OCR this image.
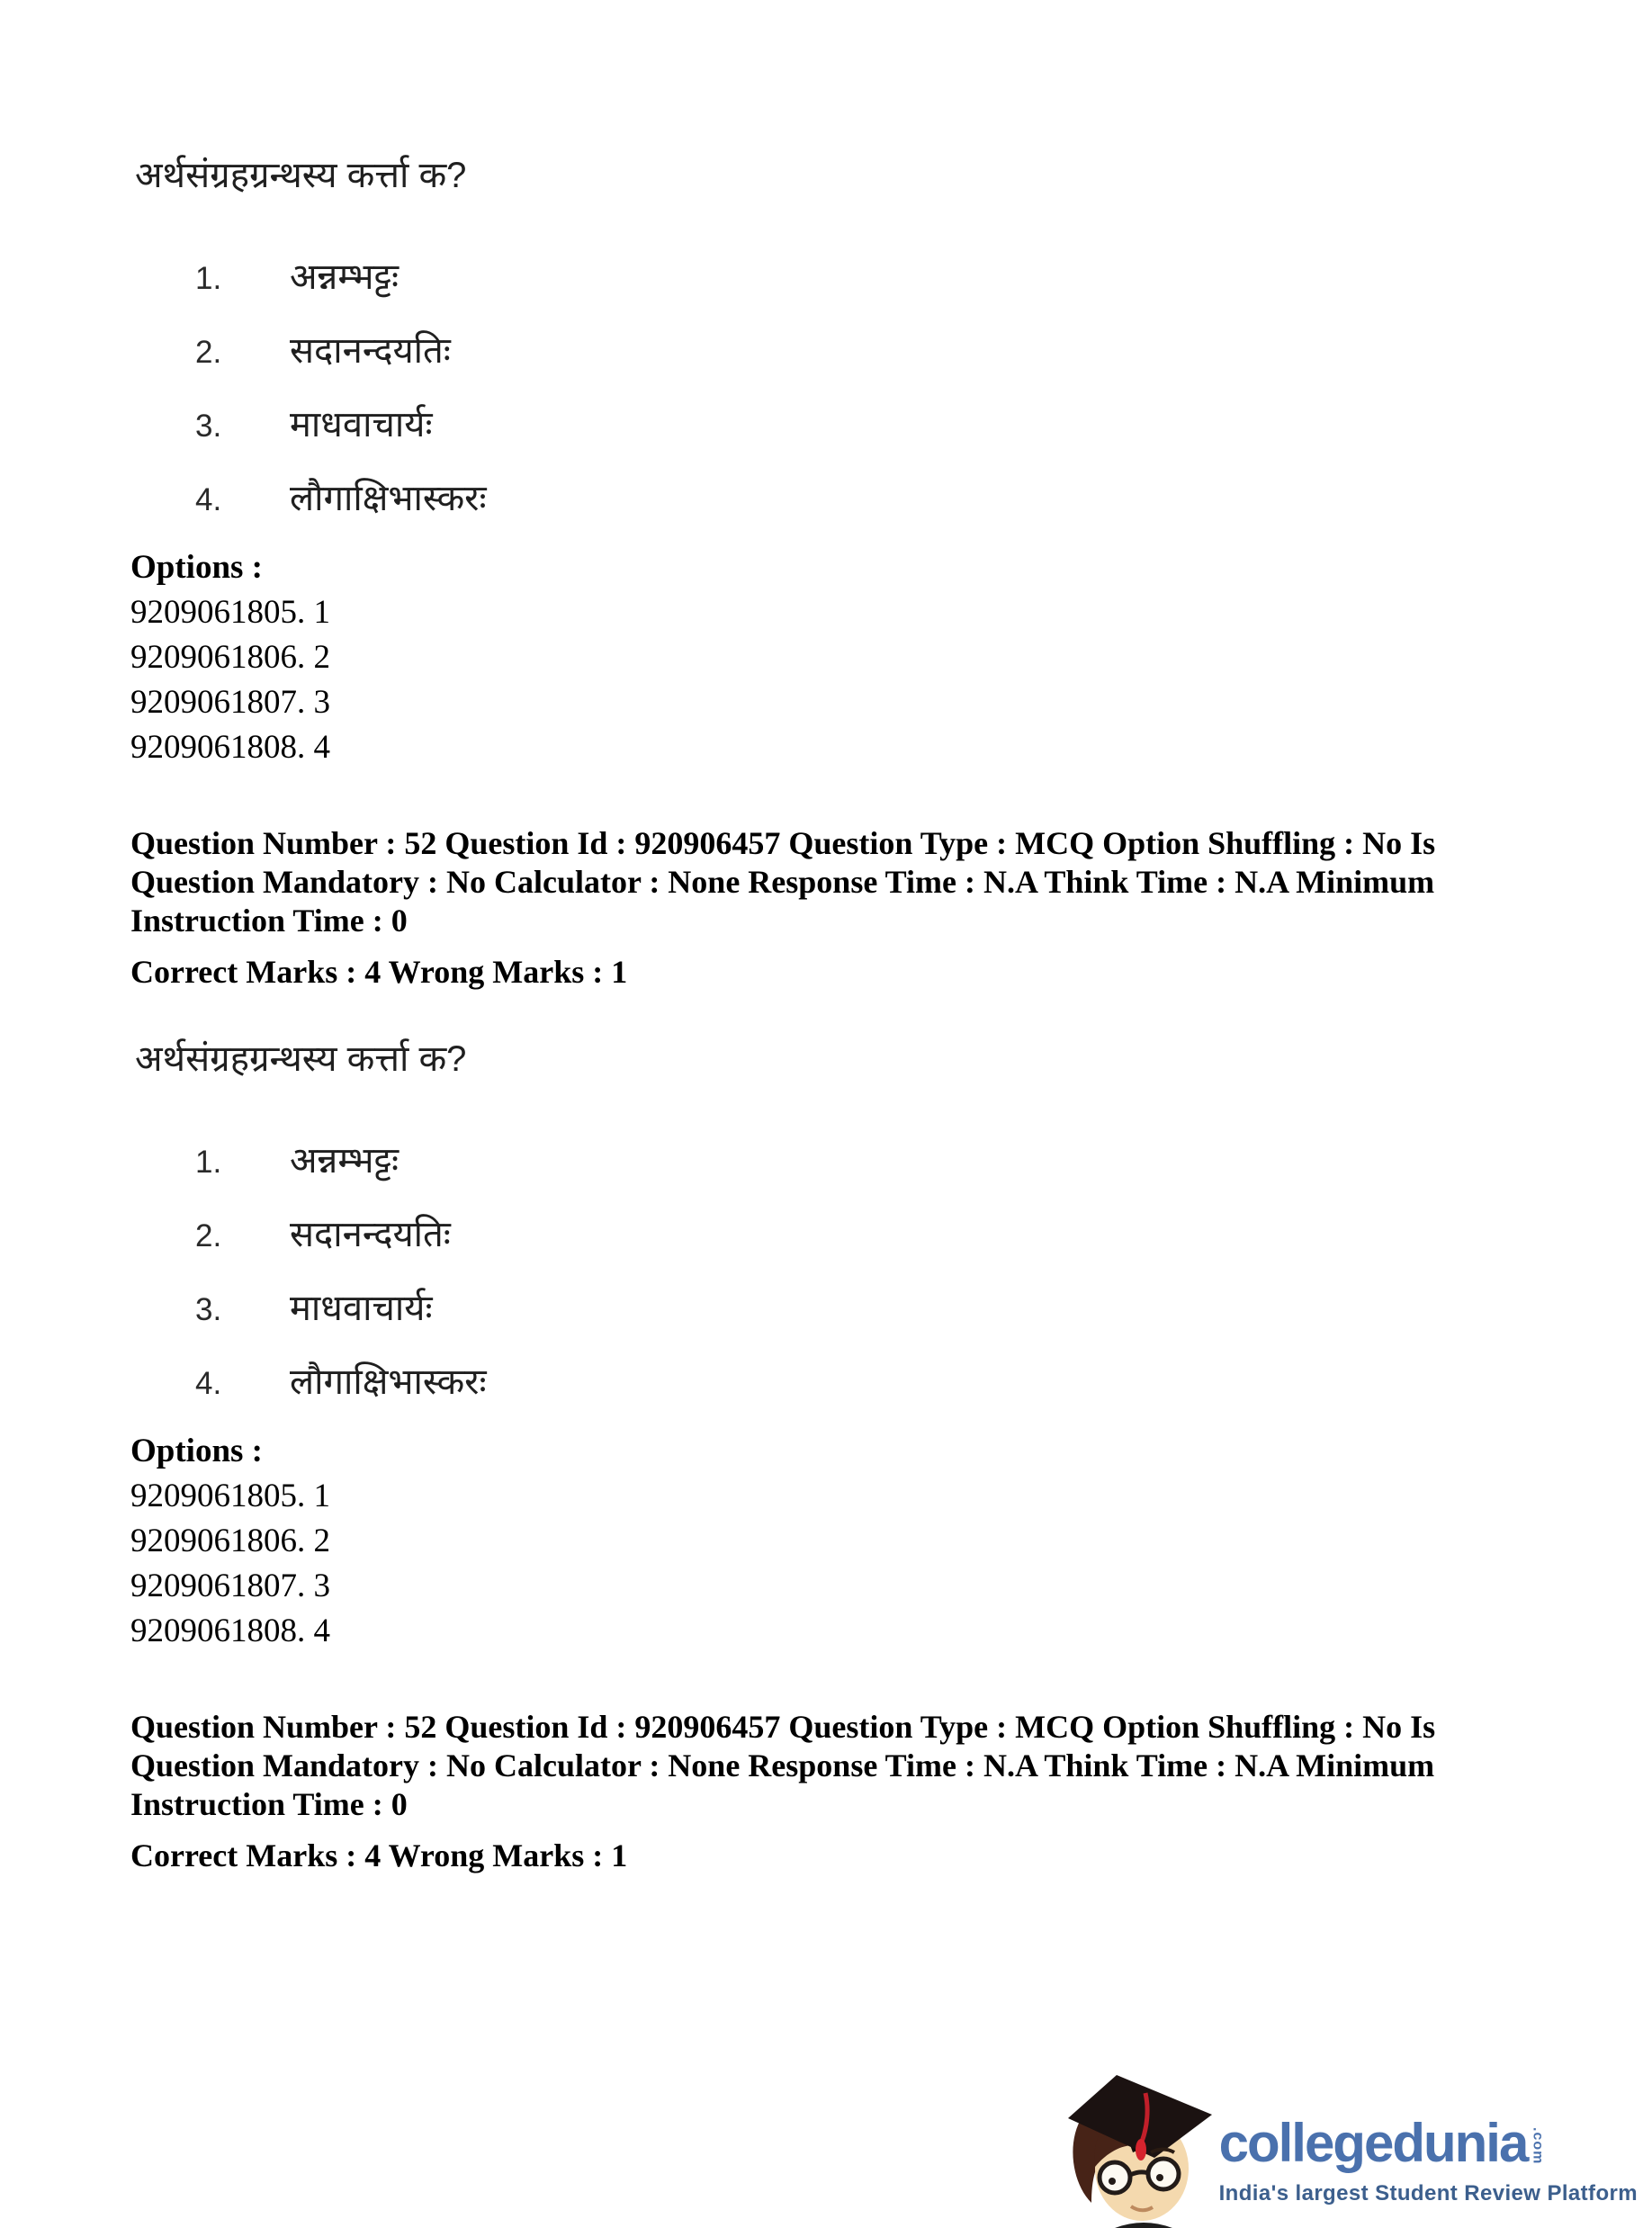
अर्थसंग्रहग्रन्थस्य कर्त्ता क?
1.	अन्नम्भट्टः
2.	सदानन्दयतिः
3.	माधवाचार्यः
4.	लौगाक्षिभास्करः
Options :
9209061805. 1
9209061806. 2
9209061807. 3
9209061808. 4
Question Number : 52 Question Id : 920906457 Question Type : MCQ Option Shuffling : No Is
Question Mandatory : No Calculator : None Response Time : N.A Think Time : N.A Minimum
Instruction Time : 0
Correct Marks : 4 Wrong Marks : 1
अर्थसंग्रहग्रन्थस्य कर्त्ता क?
1.	अन्नम्भट्टः
2.	सदानन्दयतिः
3.	माधवाचार्यः
4.	लौगाक्षिभास्करः
Options :
9209061805. 1
9209061806. 2
9209061807. 3
9209061808. 4
Question Number : 52 Question Id : 920906457 Question Type : MCQ Option Shuffling : No Is
Question Mandatory : No Calculator : None Response Time : N.A Think Time : N.A Minimum
Instruction Time : 0
Correct Marks : 4 Wrong Marks : 1
collegedunia .com
India's largest Student Review Platform
